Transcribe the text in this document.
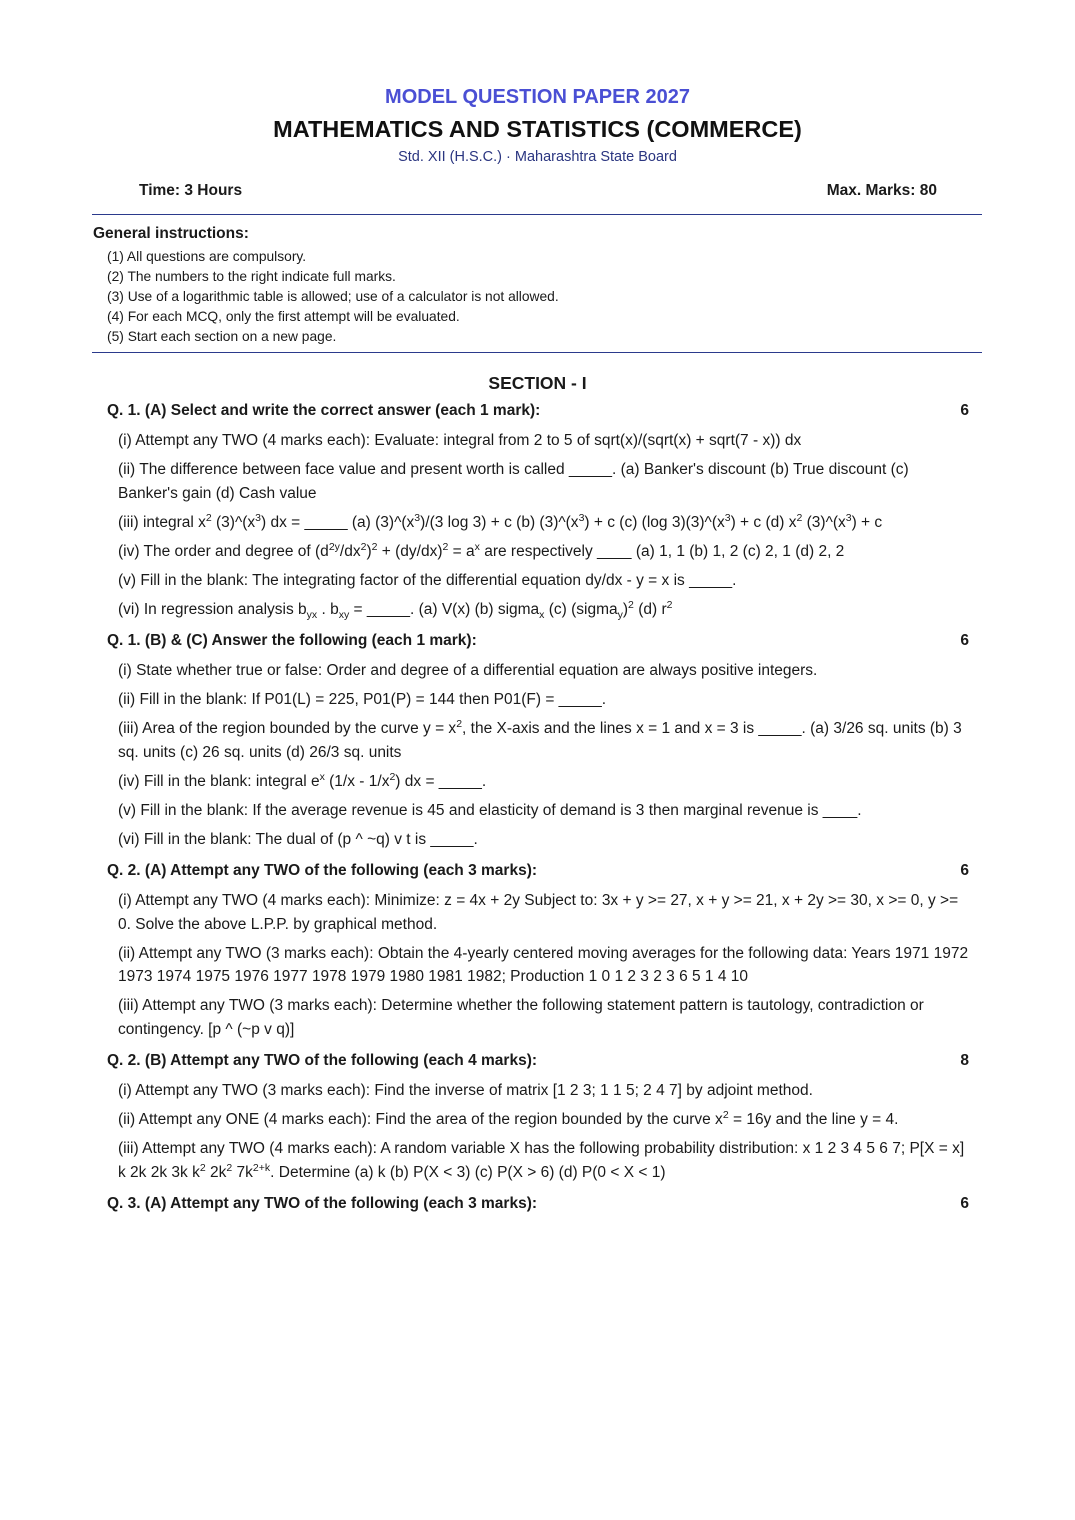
MODEL QUESTION PAPER 2027
MATHEMATICS AND STATISTICS (COMMERCE)
Std. XII (H.S.C.) · Maharashtra State Board
Time: 3 Hours	Max. Marks: 80
General instructions:
(1) All questions are compulsory.
(2) The numbers to the right indicate full marks.
(3) Use of a logarithmic table is allowed; use of a calculator is not allowed.
(4) For each MCQ, only the first attempt will be evaluated.
(5) Start each section on a new page.
SECTION - I
Q. 1. (A) Select and write the correct answer (each 1 mark):	6
(i) Attempt any TWO (4 marks each): Evaluate: integral from 2 to 5 of sqrt(x)/(sqrt(x) + sqrt(7 - x)) dx
(ii) The difference between face value and present worth is called _____. (a) Banker's discount (b) True discount (c) Banker's gain (d) Cash value
(iii) integral $x^2$ $(3)\^{}(x^3)$ dx = _____ (a) $(3)\^{}(x^3)/(3$ log 3) + c (b) $(3)\^{}(x^3) + c$ (c) (log $3)(3)\^{}(x^3) + c$ (d) $x^2$ $(3)\^{}(x^3) + c$
(iv) The order and degree of $(d^{2y}/dx^2)^2 + (dy/dx)^2 = a^x$ are respectively ____ (a) 1, 1 (b) 1, 2 (c) 2, 1 (d) 2, 2
(v) Fill in the blank: The integrating factor of the differential equation dy/dx - y = x is _____.
(vi) In regression analysis $b_{yx}$ . $b_{xy}$ = _____. (a) V(x) (b) sigma$_x$ (c) (sigma$_y$)$^2$ (d) $r^2$
Q. 1. (B) & (C) Answer the following (each 1 mark):	6
(i) State whether true or false: Order and degree of a differential equation are always positive integers.
(ii) Fill in the blank: If P01(L) = 225, P01(P) = 144 then P01(F) = _____.
(iii) Area of the region bounded by the curve $y = x^2$, the X-axis and the lines x = 1 and x = 3 is _____. (a) 3/26 sq. units (b) 3 sq. units (c) 26 sq. units (d) 26/3 sq. units
(iv) Fill in the blank: integral $e^x$ $(1/x - 1/x^2)$ dx = _____.
(v) Fill in the blank: If the average revenue is 45 and elasticity of demand is 3 then marginal revenue is ____.
(vi) Fill in the blank: The dual of (p ^ ~q) v t is _____.
Q. 2. (A) Attempt any TWO of the following (each 3 marks):	6
(i) Attempt any TWO (4 marks each): Minimize: z = 4x + 2y Subject to: 3x + y >= 27, x + y >= 21, x + 2y >= 30, x >= 0, y >= 0. Solve the above L.P.P. by graphical method.
(ii) Attempt any TWO (3 marks each): Obtain the 4-yearly centered moving averages for the following data: Years 1971 1972 1973 1974 1975 1976 1977 1978 1979 1980 1981 1982; Production 1 0 1 2 3 2 3 6 5 1 4 10
(iii) Attempt any TWO (3 marks each): Determine whether the following statement pattern is tautology, contradiction or contingency. [p ^ (~p v q)]
Q. 2. (B) Attempt any TWO of the following (each 4 marks):	8
(i) Attempt any TWO (3 marks each): Find the inverse of matrix [1 2 3; 1 1 5; 2 4 7] by adjoint method.
(ii) Attempt any ONE (4 marks each): Find the area of the region bounded by the curve $x^2 = 16y$ and the line y = 4.
(iii) Attempt any TWO (4 marks each): A random variable X has the following probability distribution: x 1 2 3 4 5 6 7; P[X = x] k 2k 2k 3k $k^2$ $2k^2$ $7k^{2+k}$. Determine (a) k (b) P(X < 3) (c) P(X > 6) (d) P(0 < X < 1)
Q. 3. (A) Attempt any TWO of the following (each 3 marks):	6
